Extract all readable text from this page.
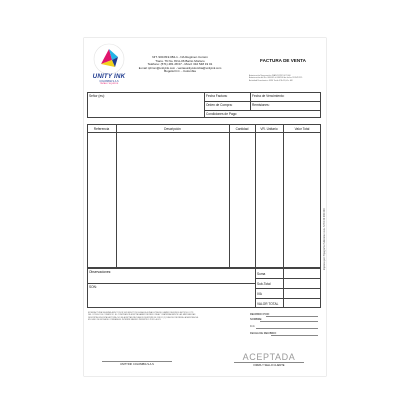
UNITY INK
COLOMBIA S.A.S
TINTAS Y EQUIPOS
NIT. 900.819.084-1 - NA Regimen Común
Trans. 76 No. 83 A-06 Barrio Morisco
Teléfono: (571) 481 28 07 - Movil: 310 548 19 01
E-mail: iphrom@unityink.com - ventasunitycolombia@unityink.com
Bogotá D.C. - Colombia
FACTURA DE VENTA
Autorización Numeración DIAN 18762 007 000
Autorización del No. 000001 al 000500 de fecha 2015/12/15
Actividad Económica: 4690 Tarifa ICA 11,04 x Mil
Señor (es):	Fecha Factura:	Fecha de Vencimiento:
Orden de Compra:	Remisiones:
Condiciones de Pago:
Referencia	Descripción	Cantidad	VR. Unitario	Valor Total
Impreso por: Tipografía Publicidad Ltda. NIT 8 00 000 000
Observaciones:
SON:
Suma
Sub-Total
IVA
VALOR TOTAL
ESTA FACTURA SE ASIMILA EN TODOS SUS EFECTOS LEGALES A UNA LETRA DE CAMBIO SEGÚN EL ARTÍCULO 774
DEL CÓDIGO DE COMERCIO. EL COMPRADOR ACEPTA HABER RECIBIDO REAL Y MATERIALMENTE LAS MERCANCÍAS
DESCRITAS EN ESTA FACTURA. NO SE ACEPTAN RECLAMOS DESPUÉS DE CINCO (5) DÍAS DE RECIBIDA LA MERCANCÍA.
EN CASO DE MORA SE COBRARÁ EL INTERÉS MÁXIMO PERMITIDO POR LA LEY.
RECIBIDO POR:
NOMBRE:
C.C.
FECHA DE RECIBIDO
UNITYINK COLOMBIA S.A.S
ACEPTADA
FIRMA Y SELLO CLIENTE
